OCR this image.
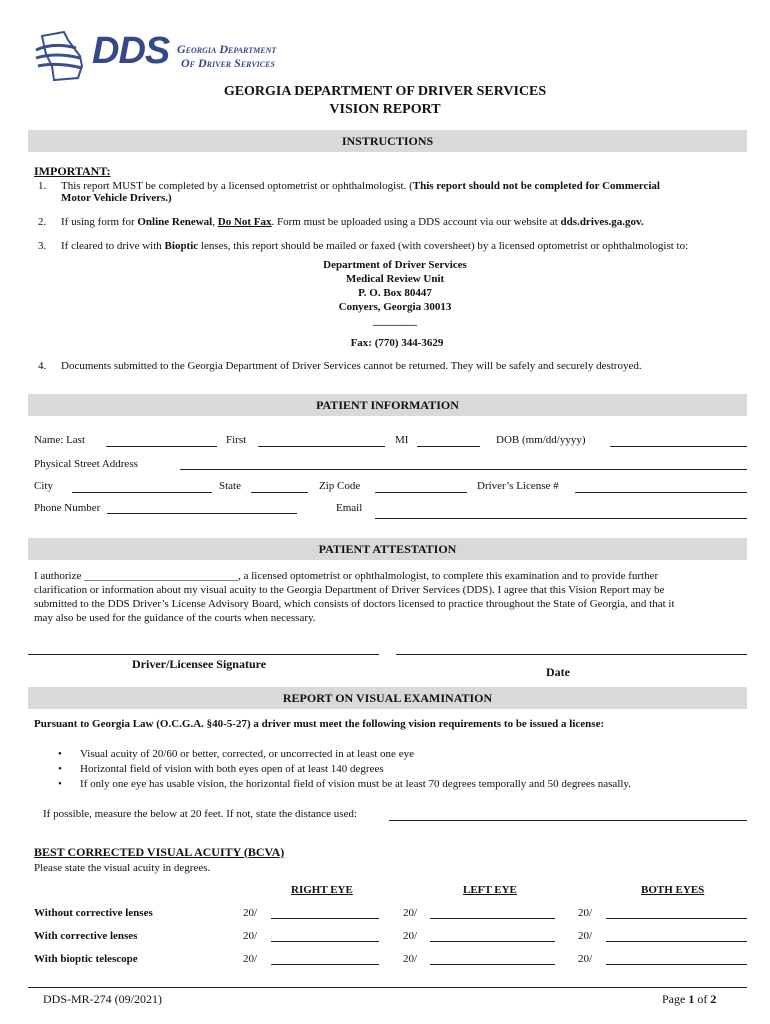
DDS Georgia Department
Of Driver Services
GEORGIA DEPARTMENT OF DRIVER SERVICES
VISION REPORT
INSTRUCTIONS
IMPORTANT:
1. This report MUST be completed by a licensed optometrist or ophthalmologist. (This report should not be completed for Commercial
Motor Vehicle Drivers.)
2. If using form for Online Renewal, Do Not Fax. Form must be uploaded using a DDS account via our website at dds.drives.ga.gov.
3. If cleared to drive with Bioptic lenses, this report should be mailed or faxed (with coversheet) by a licensed optometrist or ophthalmologist to:
Department of Driver Services
Medical Review Unit
P. O. Box 80447
Conyers, Georgia 30013
________
Fax: (770) 344-3629
4. Documents submitted to the Georgia Department of Driver Services cannot be returned. They will be safely and securely destroyed.
PATIENT INFORMATION
Name: Last	First	MI	DOB (mm/dd/yyyy)
Physical Street Address
City	State	Zip Code	Driver’s License #
Phone Number	Email
PATIENT ATTESTATION
I authorize ____________________________, a licensed optometrist or ophthalmologist, to complete this examination and to provide further
clarification or information about my visual acuity to the Georgia Department of Driver Services (DDS). I agree that this Vision Report may be
submitted to the DDS Driver’s License Advisory Board, which consists of doctors licensed to practice throughout the State of Georgia, and that it
may also be used for the guidance of the courts when necessary.
Driver/Licensee Signature
Date
REPORT ON VISUAL EXAMINATION
Pursuant to Georgia Law (O.C.G.A. §40-5-27) a driver must meet the following vision requirements to be issued a license:
• Visual acuity of 20/60 or better, corrected, or uncorrected in at least one eye
• Horizontal field of vision with both eyes open of at least 140 degrees
• If only one eye has usable vision, the horizontal field of vision must be at least 70 degrees temporally and 50 degrees nasally.
If possible, measure the below at 20 feet. If not, state the distance used:
BEST CORRECTED VISUAL ACUITY (BCVA)
Please state the visual acuity in degrees.
RIGHT EYE	LEFT EYE	BOTH EYES
Without corrective lenses	20/	20/	20/
With corrective lenses	20/	20/	20/
With bioptic telescope	20/	20/	20/
DDS-MR-274 (09/2021)	Page 1 of 2
